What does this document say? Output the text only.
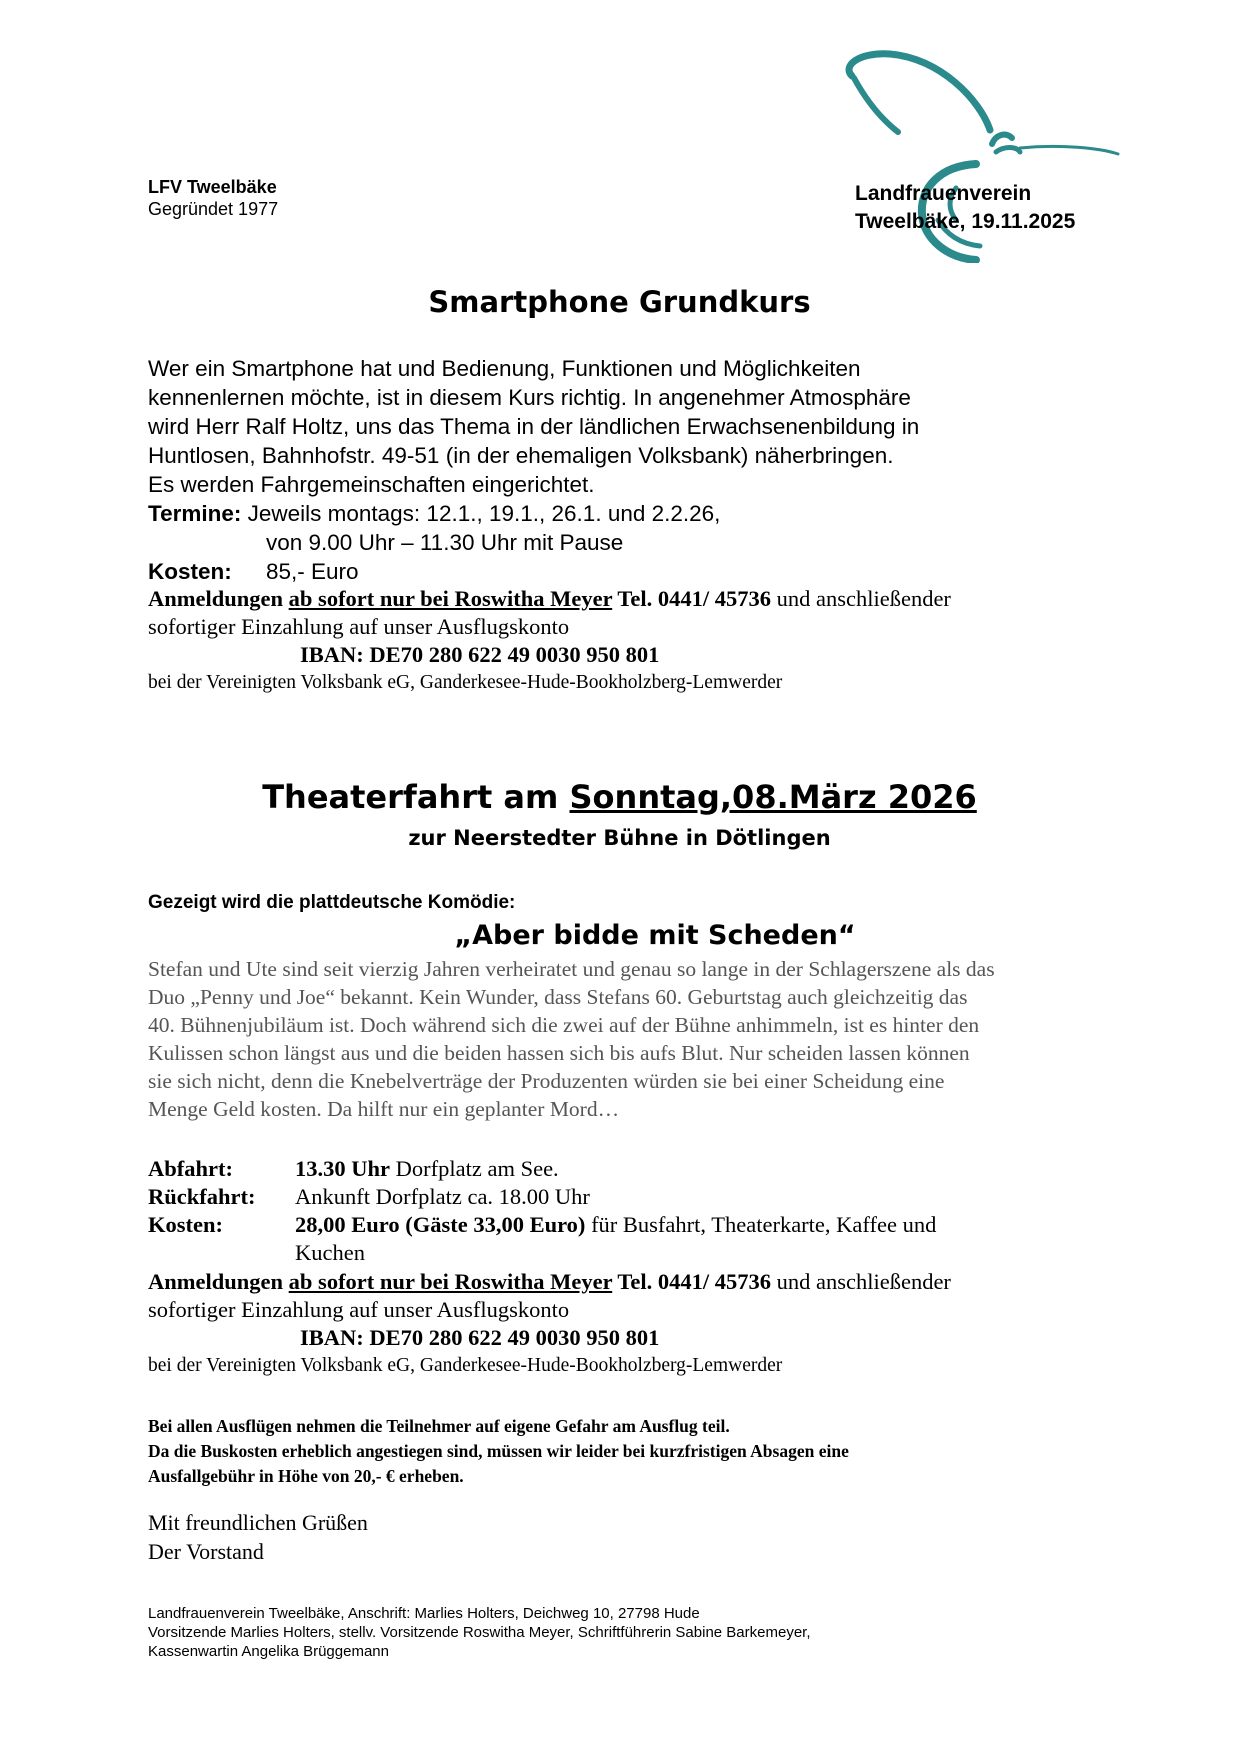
LFV Tweelbäke
Gegründet 1977
Landfrauenverein
Tweelbäke, 19.11.2025
Smartphone Grundkurs
Wer ein Smartphone hat und Bedienung, Funktionen und Möglichkeiten
kennenlernen möchte, ist in diesem Kurs richtig. In angenehmer Atmosphäre
wird Herr Ralf Holtz, uns das Thema in der ländlichen Erwachsenenbildung in
Huntlosen, Bahnhofstr. 49-51 (in der ehemaligen Volksbank) näherbringen.
Es werden Fahrgemeinschaften eingerichtet.
Termine: Jeweils montags: 12.1., 19.1., 26.1. und 2.2.26,
von 9.00 Uhr – 11.30 Uhr mit Pause
Kosten: 85,- Euro
Anmeldungen ab sofort nur bei Roswitha Meyer Tel. 0441/ 45736 und anschließender
sofortiger Einzahlung auf unser Ausflugskonto
IBAN: DE70 280 622 49 0030 950 801
bei der Vereinigten Volksbank eG, Ganderkesee-Hude-Bookholzberg-Lemwerder
Theaterfahrt am Sonntag,08.März 2026
zur Neerstedter Bühne in Dötlingen
Gezeigt wird die plattdeutsche Komödie:
„Aber bidde mit Scheden“
Stefan und Ute sind seit vierzig Jahren verheiratet und genau so lange in der Schlagerszene als das
Duo „Penny und Joe“ bekannt. Kein Wunder, dass Stefans 60. Geburtstag auch gleichzeitig das
40. Bühnenjubiläum ist. Doch während sich die zwei auf der Bühne anhimmeln, ist es hinter den
Kulissen schon längst aus und die beiden hassen sich bis aufs Blut. Nur scheiden lassen können
sie sich nicht, denn die Knebelverträge der Produzenten würden sie bei einer Scheidung eine
Menge Geld kosten. Da hilft nur ein geplanter Mord…
Abfahrt:	13.30 Uhr Dorfplatz am See.
Rückfahrt:	Ankunft Dorfplatz ca. 18.00 Uhr
Kosten:	28,00 Euro (Gäste 33,00 Euro) für Busfahrt, Theaterkarte, Kaffee und
Kuchen
Anmeldungen ab sofort nur bei Roswitha Meyer Tel. 0441/ 45736 und anschließender
sofortiger Einzahlung auf unser Ausflugskonto
IBAN: DE70 280 622 49 0030 950 801
bei der Vereinigten Volksbank eG, Ganderkesee-Hude-Bookholzberg-Lemwerder
Bei allen Ausflügen nehmen die Teilnehmer auf eigene Gefahr am Ausflug teil.
Da die Buskosten erheblich angestiegen sind, müssen wir leider bei kurzfristigen Absagen eine
Ausfallgebühr in Höhe von 20,- € erheben.
Mit freundlichen Grüßen
Der Vorstand
Landfrauenverein Tweelbäke, Anschrift: Marlies Holters, Deichweg 10, 27798 Hude
Vorsitzende Marlies Holters, stellv. Vorsitzende Roswitha Meyer, Schriftführerin Sabine Barkemeyer,
Kassenwartin Angelika Brüggemann
